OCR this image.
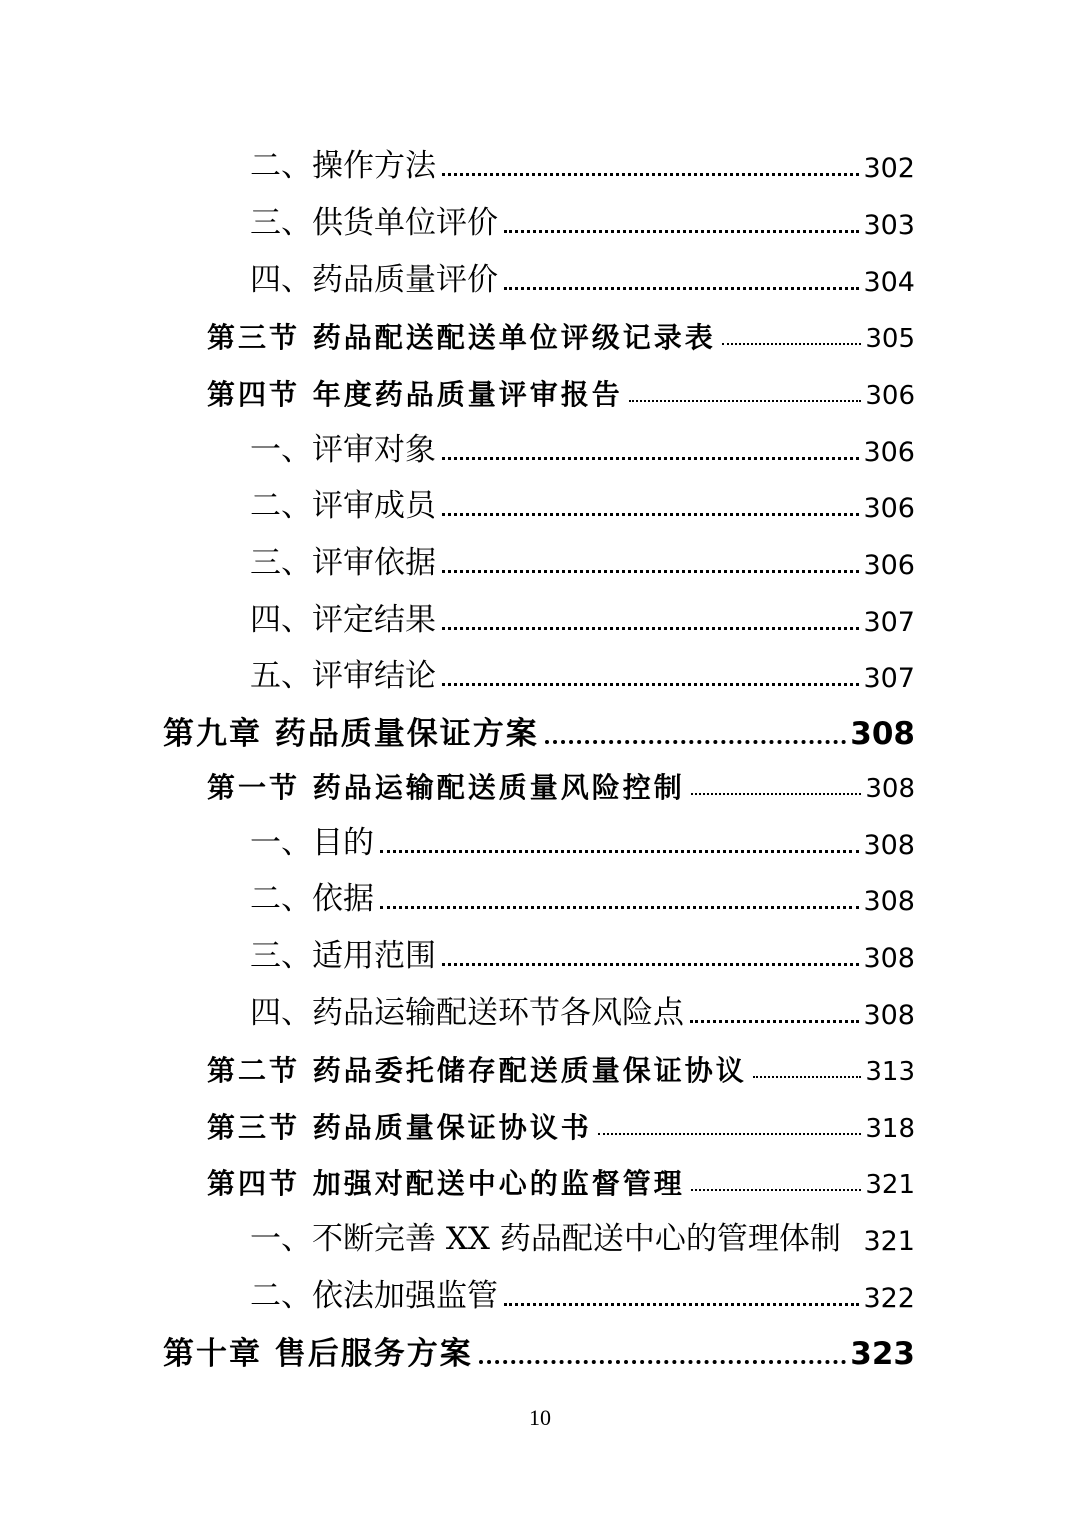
二、操作方法	302
三、供货单位评价	303
四、药品质量评价	304
第三节 药品配送配送单位评级记录表	305
第四节 年度药品质量评审报告	306
一、评审对象	306
二、评审成员	306
三、评审依据	306
四、评定结果	307
五、评审结论	307
第九章 药品质量保证方案	308
第一节 药品运输配送质量风险控制	308
一、目的	308
二、依据	308
三、适用范围	308
四、药品运输配送环节各风险点	308
第二节 药品委托储存配送质量保证协议	313
第三节 药品质量保证协议书	318
第四节 加强对配送中心的监督管理	321
一、不断完善 XX 药品配送中心的管理体制 321
二、依法加强监管	322
第十章 售后服务方案	323
10
